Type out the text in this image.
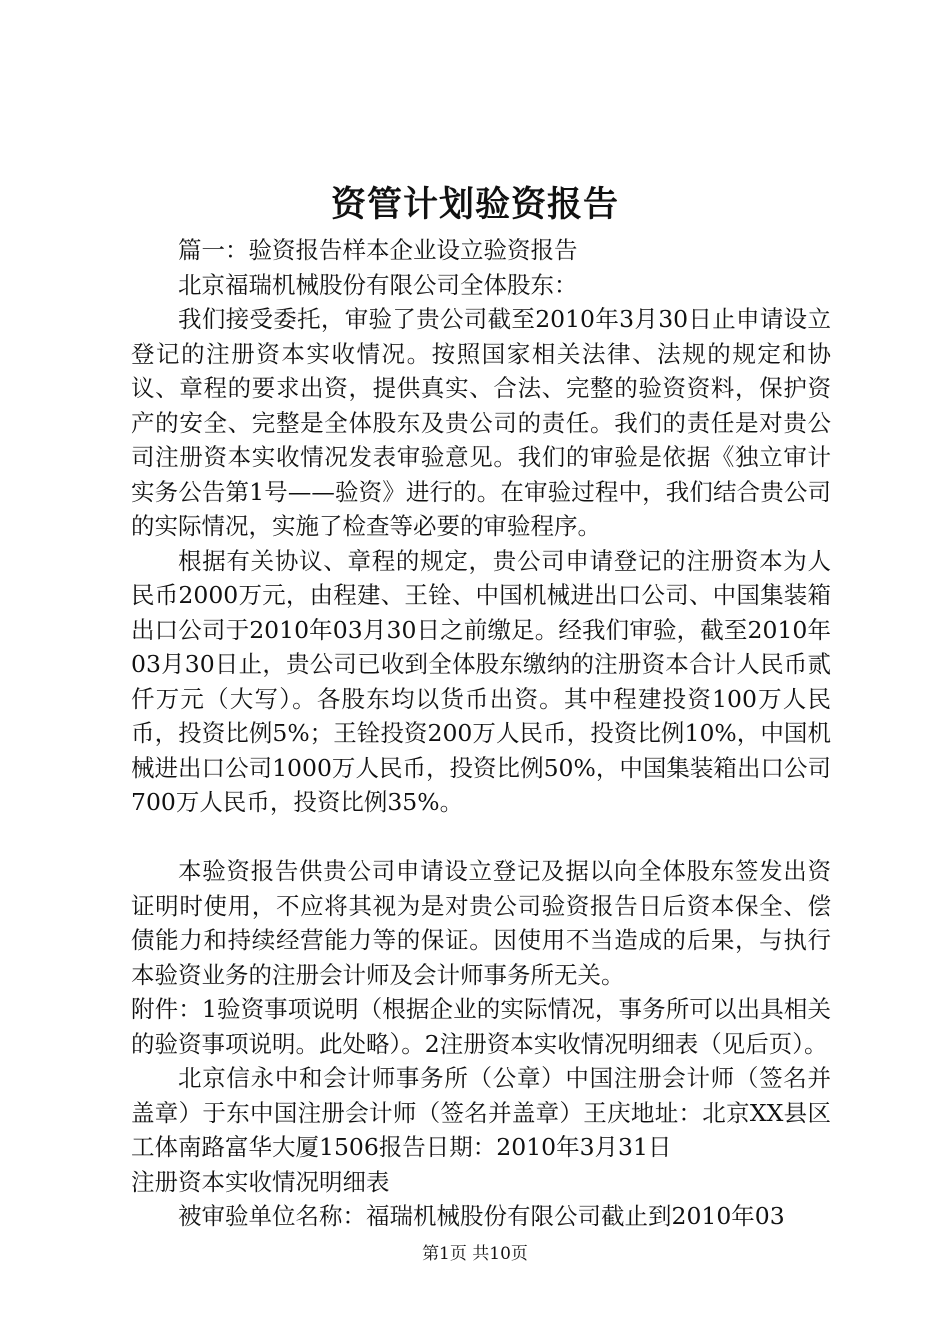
资管计划验资报告

篇一：验资报告样本企业设立验资报告

北京福瑞机械股份有限公司全体股东：

我们接受委托，审验了贵公司截至2010年3月30日止申请设立登记的注册资本实收情况。按照国家相关法律、法规的规定和协议、章程的要求出资，提供真实、合法、完整的验资资料，保护资产的安全、完整是全体股东及贵公司的责任。我们的责任是对贵公司注册资本实收情况发表审验意见。我们的审验是依据《独立审计实务公告第1号——验资》进行的。在审验过程中，我们结合贵公司的实际情况，实施了检查等必要的审验程序。

根据有关协议、章程的规定，贵公司申请登记的注册资本为人民币2000万元，由程建、王铨、中国机械进出口公司、中国集装箱出口公司于2010年03月30日之前缴足。经我们审验，截至2010年03月30日止，贵公司已收到全体股东缴纳的注册资本合计人民币贰仟万元（大写）。各股东均以货币出资。其中程建投资100万人民币，投资比例5%；王铨投资200万人民币，投资比例10%，中国机械进出口公司1000万人民币，投资比例50%，中国集装箱出口公司700万人民币，投资比例35%。

本验资报告供贵公司申请设立登记及据以向全体股东签发出资证明时使用，不应将其视为是对贵公司验资报告日后资本保全、偿债能力和持续经营能力等的保证。因使用不当造成的后果，与执行本验资业务的注册会计师及会计师事务所无关。

附件：1验资事项说明（根据企业的实际情况，事务所可以出具相关的验资事项说明。此处略）。2注册资本实收情况明细表（见后页）。

北京信永中和会计师事务所（公章）中国注册会计师（签名并盖章）于东中国注册会计师（签名并盖章）王庆地址：北京XX县区工体南路富华大厦1506报告日期：2010年3月31日

注册资本实收情况明细表

被审验单位名称：福瑞机械股份有限公司截止到2010年03

第1页 共10页
